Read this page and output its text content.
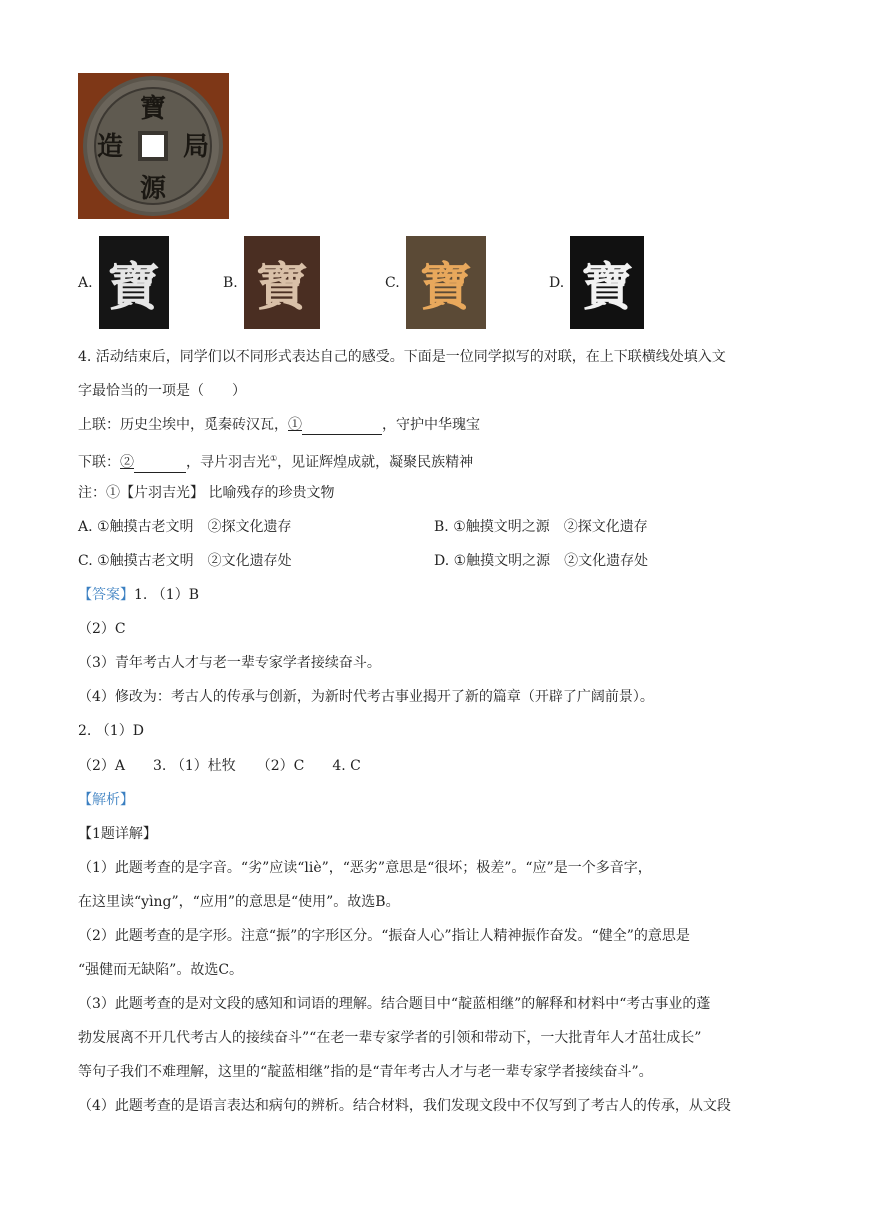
寶
局
源
造
A. 寶	B. 寶	C. 寶	D. 寶
4. 活动结束后，同学们以不同形式表达自己的感受。下面是一位同学拟写的对联，在上下联横线处填入文
字最恰当的一项是（　　）
上联：历史尘埃中，觅秦砖汉瓦，①	，守护中华瑰宝
下联：②	，寻片羽吉光①，见证辉煌成就，凝聚民族精神
注：①【片羽吉光】 比喻残存的珍贵文物
A. ①触摸古老文明　②探文化遗存	B. ①触摸文明之源　②探文化遗存
C. ①触摸古老文明　②文化遗存处	D. ①触摸文明之源　②文化遗存处
【答案】1. （1）B
（2）C
（3）青年考古人才与老一辈专家学者接续奋斗。
（4）修改为：考古人的传承与创新，为新时代考古事业揭开了新的篇章（开辟了广阔前景）。
2. （1）D
（2）A　　3. （1）杜牧　　（2）C　　4. C
【解析】
【1题详解】
（1）此题考查的是字音。“劣”应读“liè”，“恶劣”意思是“很坏；极差”。“应”是一个多音字，
在这里读“yìng”，“应用”的意思是“使用”。故选B。
（2）此题考查的是字形。注意“振”的字形区分。“振奋人心”指让人精神振作奋发。“健全”的意思是
“强健而无缺陷”。故选C。
（3）此题考查的是对文段的感知和词语的理解。结合题目中“靛蓝相继”的解释和材料中“考古事业的蓬
勃发展离不开几代考古人的接续奋斗”“在老一辈专家学者的引领和带动下，一大批青年人才茁壮成长”
等句子我们不难理解，这里的“靛蓝相继”指的是“青年考古人才与老一辈专家学者接续奋斗”。
（4）此题考查的是语言表达和病句的辨析。结合材料，我们发现文段中不仅写到了考古人的传承，从文段
